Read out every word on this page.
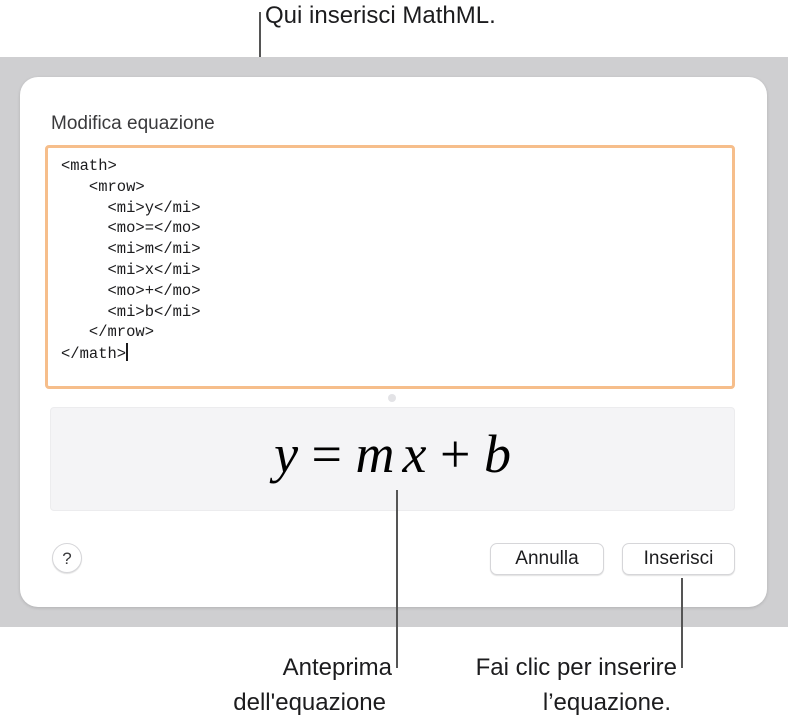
Qui inserisci MathML.
Modifica equazione
<math>
<mrow>
<mi>y</mi>
<mo>=</mo>
<mi>m</mi>
<mi>x</mi>
<mo>+</mo>
<mi>b</mi>
</mrow>
</math>
y = m x + b
?	Annulla	Inserisci
Anteprima
dell'equazione
Fai clic per inserire
l’equazione.
